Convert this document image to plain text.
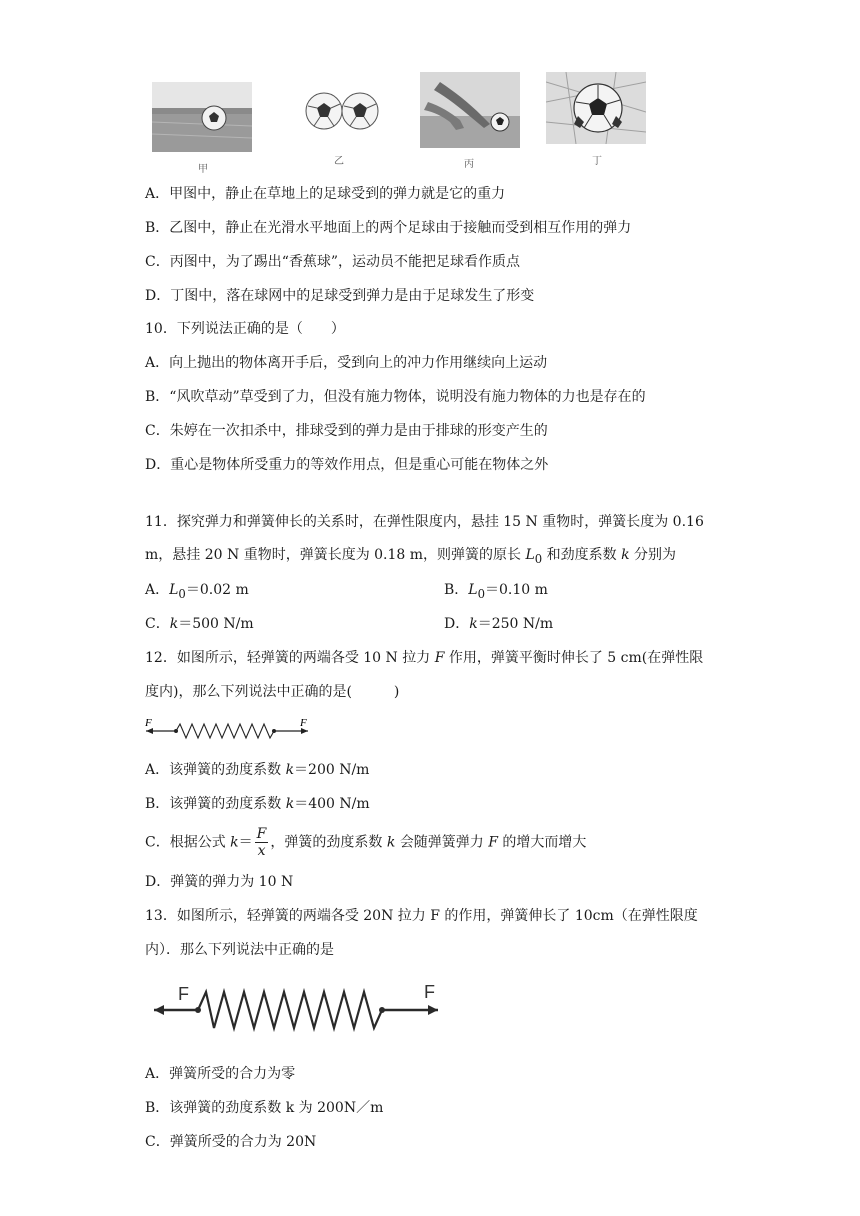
甲
乙	丙	丁
A．甲图中，静止在草地上的足球受到的弹力就是它的重力
B．乙图中，静止在光滑水平地面上的两个足球由于接触而受到相互作用的弹力
C．丙图中，为了踢出“香蕉球”，运动员不能把足球看作质点
D．丁图中，落在球网中的足球受到弹力是由于足球发生了形变
10．下列说法正确的是（　　）
A．向上抛出的物体离开手后，受到向上的冲力作用继续向上运动
B．“风吹草动”草受到了力，但没有施力物体，说明没有施力物体的力也是存在的
C．朱婷在一次扣杀中，排球受到的弹力是由于排球的形变产生的
D．重心是物体所受重力的等效作用点，但是重心可能在物体之外
11．探究弹力和弹簧伸长的关系时，在弹性限度内，悬挂 15 N 重物时，弹簧长度为 0.16
m，悬挂 20 N 重物时，弹簧长度为 0.18 m，则弹簧的原长 $L_0$ 和劲度系数 k 分别为
A．$L_0=0.02$ m	B．$L_0=0.10$ m
C．k＝500 N/m	D．k＝250 N/m
12．如图所示，轻弹簧的两端各受 10 N 拉力 F 作用，弹簧平衡时伸长了 5 cm(在弹性限
度内)，那么下列说法中正确的是(　　　)
F	F
A．该弹簧的劲度系数 k＝200 N/m
B．该弹簧的劲度系数 k＝400 N/m
C．根据公式 $k= \frac{F}{x}$ ，弹簧的劲度系数 k 会随弹簧弹力 F 的增大而增大
D．弹簧的弹力为 10 N
13．如图所示，轻弹簧的两端各受 20N 拉力 F 的作用，弹簧伸长了 10cm（在弹性限度
内）．那么下列说法中正确的是
F	F
A．弹簧所受的合力为零
B．该弹簧的劲度系数 k 为 200N／m
C．弹簧所受的合力为 20N
